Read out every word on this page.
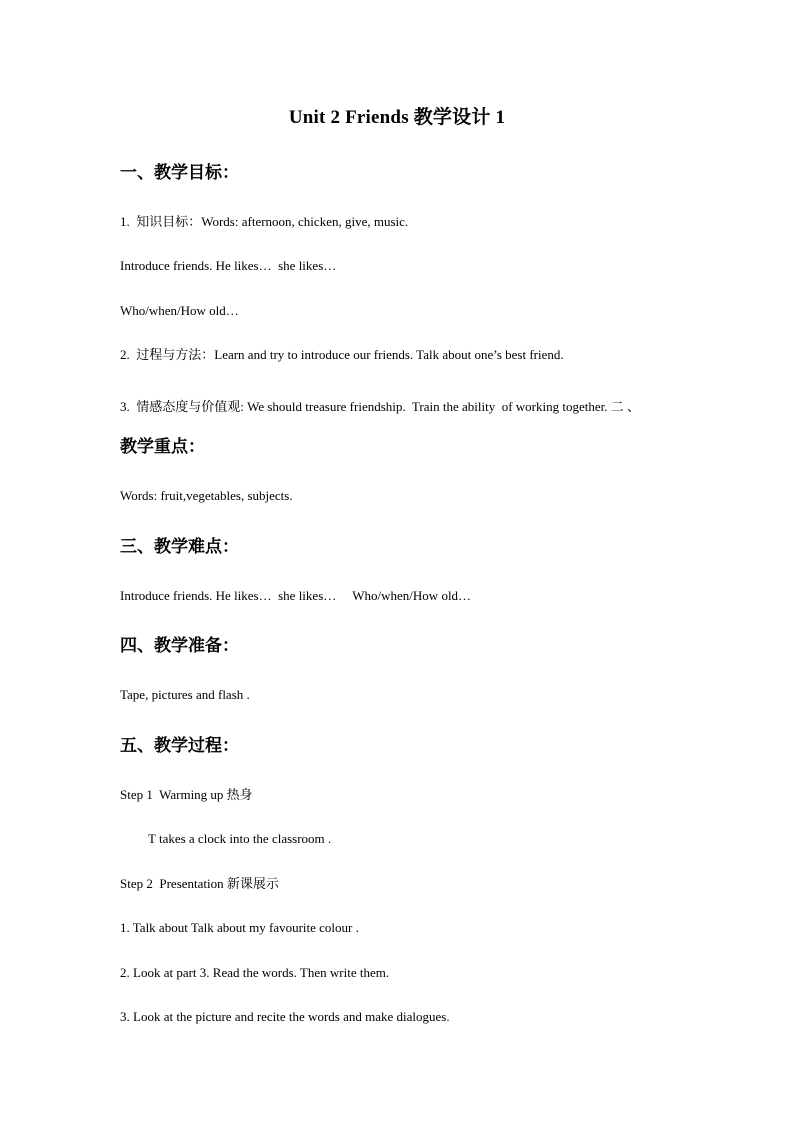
Unit 2 Friends 教学设计 1
一、教学目标：
1.  知识目标：Words: afternoon, chicken, give, music.
Introduce friends. He likes…  she likes…
Who/when/How old…
2.  过程与方法：Learn and try to introduce our friends. Talk about one’s best friend.
3.  情感态度与价值观: We should treasure friendship.  Train the ability  of working together. 二 、
教学重点：
Words: fruit,vegetables, subjects.
三、教学难点：
Introduce friends. He likes…  she likes…     Who/when/How old…
四、教学准备：
Tape, pictures and flash .
五、教学过程：
Step 1  Warming up 热身
T takes a clock into the classroom .
Step 2  Presentation 新课展示
1. Talk about Talk about my favourite colour .
2. Look at part 3. Read the words. Then write them.
3. Look at the picture and recite the words and make dialogues.
